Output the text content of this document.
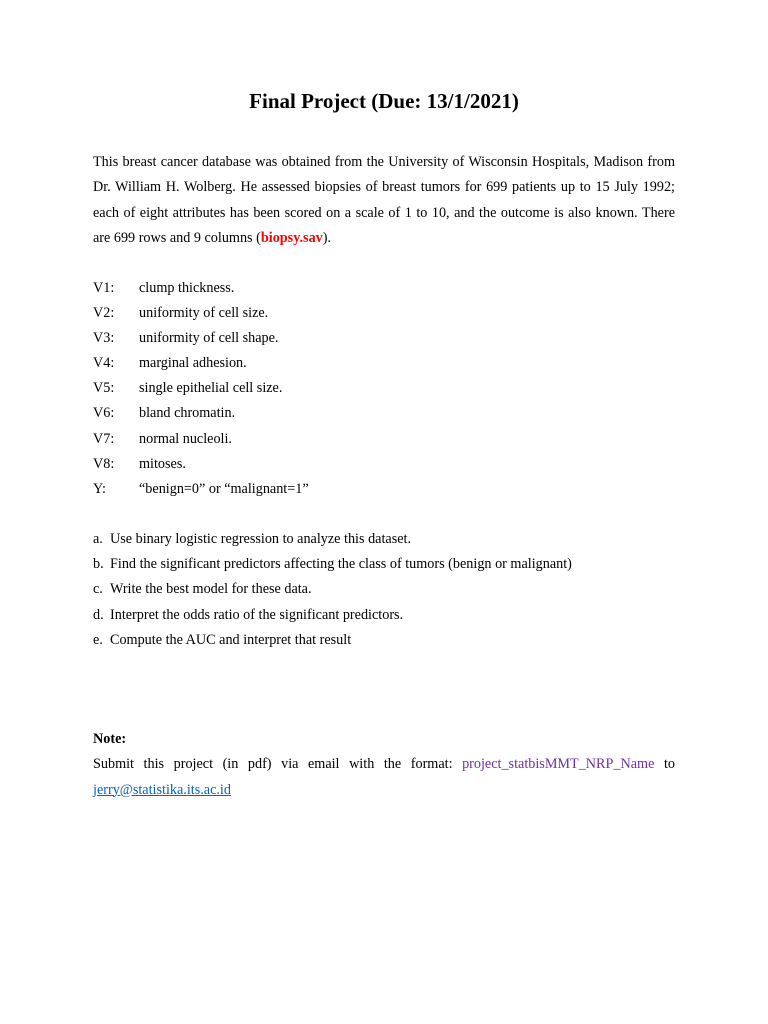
Final Project (Due: 13/1/2021)

This breast cancer database was obtained from the University of Wisconsin Hospitals, Madison from Dr. William H. Wolberg. He assessed biopsies of breast tumors for 699 patients up to 15 July 1992; each of eight attributes has been scored on a scale of 1 to 10, and the outcome is also known. There are 699 rows and 9 columns (biopsy.sav).

V1: clump thickness.
V2: uniformity of cell size.
V3: uniformity of cell shape.
V4: marginal adhesion.
V5: single epithelial cell size.
V6: bland chromatin.
V7: normal nucleoli.
V8: mitoses.
Y: “benign=0” or “malignant=1”
a. Use binary logistic regression to analyze this dataset.
b. Find the significant predictors affecting the class of tumors (benign or malignant)
c. Write the best model for these data.
d. Interpret the odds ratio of the significant predictors.
e. Compute the AUC and interpret that result
Note:
Submit this project (in pdf) via email with the format: project_statbisMMT_NRP_Name to
jerry@statistika.its.ac.id
